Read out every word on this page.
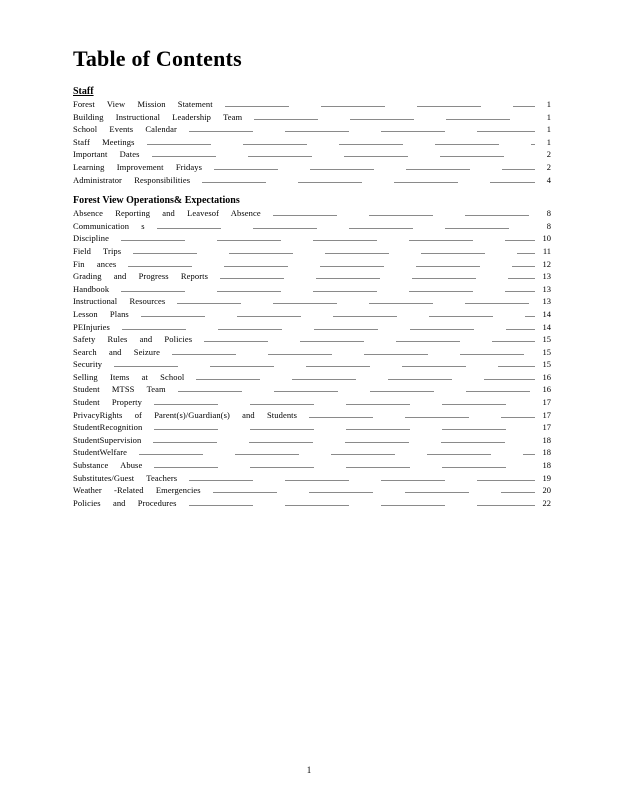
Table of Contents
Staff
Forest View Mission Statement	1
Building Instructional Leadership Team	1
School Events Calendar	1
Staff Meetings	1
Important Dates	2
Learning Improvement Fridays	2
Administrator Responsibilities	4
Forest View Operations& Expectations
Absence Reporting and Leavesof Absence	8
Communication s	8
Discipline	10
Field Trips	11
Fin ances	12
Grading and Progress Reports	13
Handbook	13
Instructional Resources	13
Lesson Plans	14
PEInjuries	14
Safety Rules and Policies	15
Search and Seizure	15
Security	15
Selling Items at School	16
Student MTSS Team	16
Student Property	17
PrivacyRights of Parent(s)/Guardian(s) and Students	17
StudentRecognition	17
StudentSupervision	18
StudentWelfare	18
Substance Abuse	18
Substitutes/Guest Teachers	19
Weather -Related Emergencies	20
Policies and Procedures	22
1
